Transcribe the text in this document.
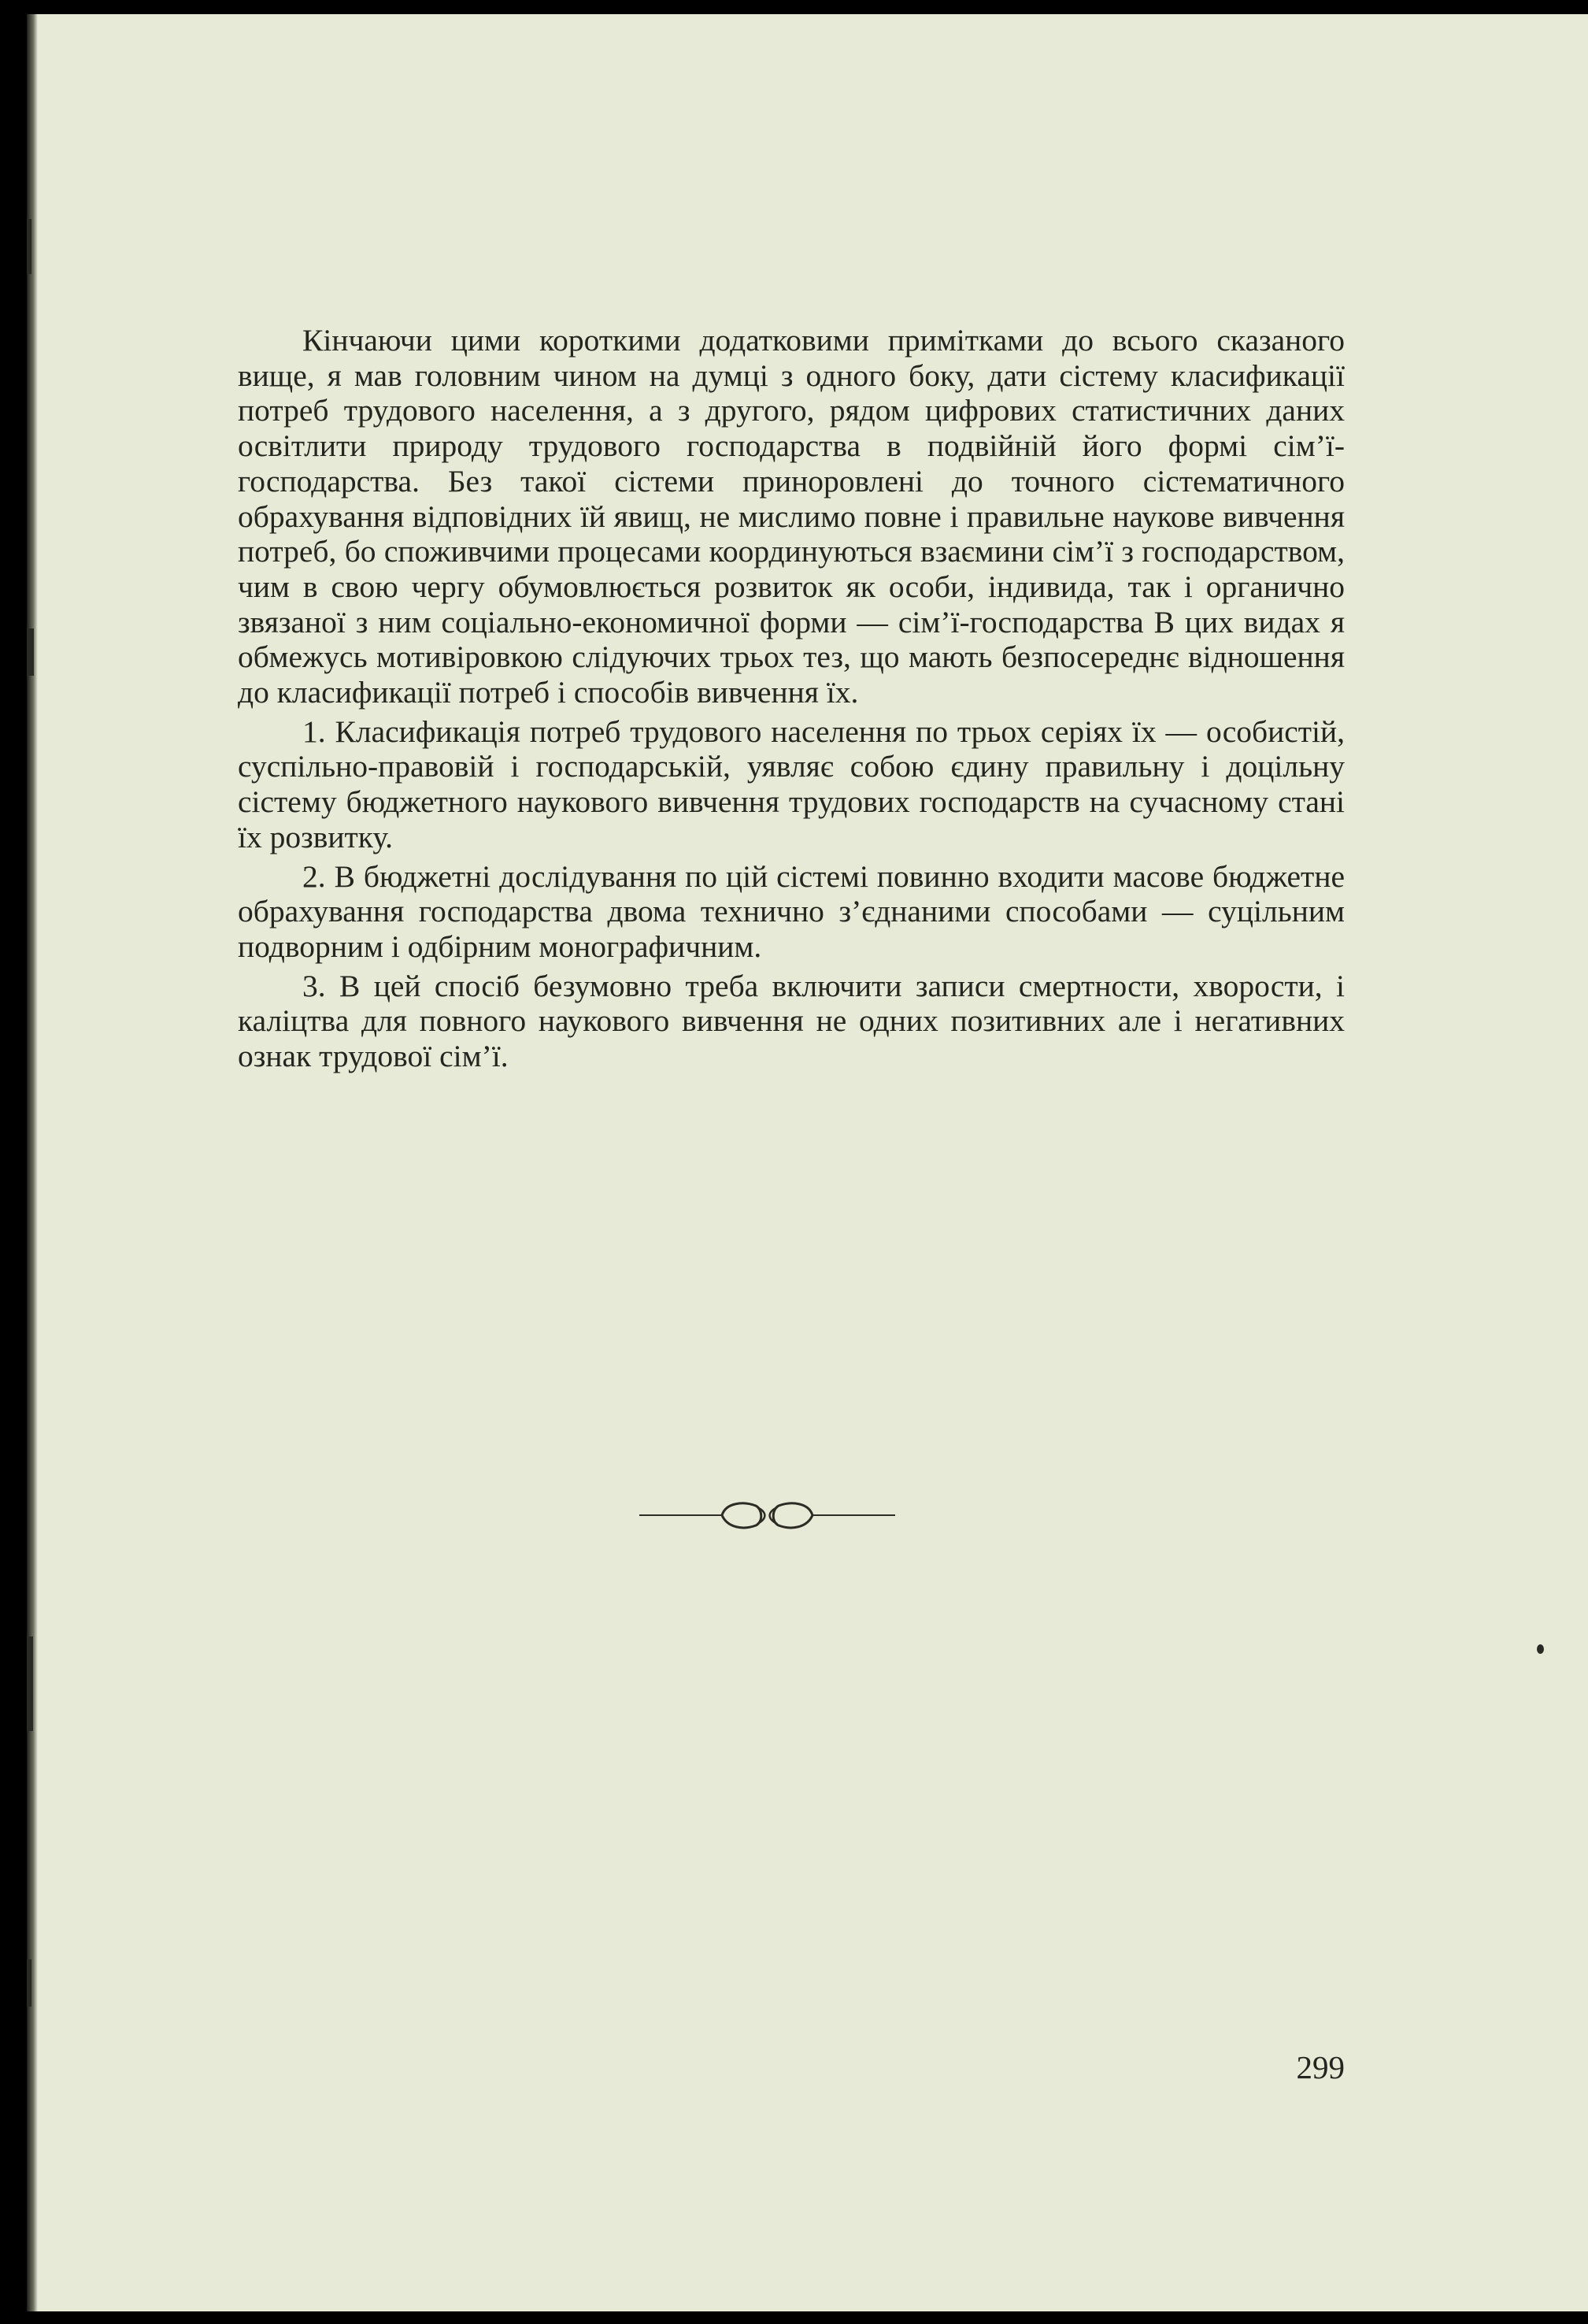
Кінчаючи цими короткими додатковими примітками до всього сказаного вище, я мав головним чином на думці з одного боку, дати сістему класификації потреб трудового населення, а з другого, рядом цифрових статистичних даних освітлити природу трудового господарства в подвійній його формі сім’ї-господарства. Без такої сістеми приноровлені до точного сістематичного обрахування відповідних їй явищ, не мислимо повне і правильне наукове вивчення потреб, бо споживчими процесами координуються взаємини сім’ї з господарством, чим в свою чергу обумовлюється розвиток як особи, індивида, так і органично звязаної з ним соціально-економичної форми — сім’ї-господарства В цих видах я обмежусь мотивіровкою слідуючих трьох тез, що мають безпосереднє відношення до класификації потреб і способів вивчення їх.

1. Класификація потреб трудового населення по трьох серіях їх — особистій, суспільно-правовій і господарській, уявляє собою єдину правильну і доцільну сістему бюджетного наукового вивчення трудових господарств на сучасному стані їх розвитку.

2. В бюджетні дослідування по цій сістемі повинно входити масове бюджетне обрахування господарства двома технично з’єднаними способами — суцільним подворним і одбірним монографичним.

3. В цей спосіб безумовно треба включити записи смертности, хворости, і каліцтва для повного наукового вивчення не одних позитивних але і негативних ознак трудової сім’ї.

299
